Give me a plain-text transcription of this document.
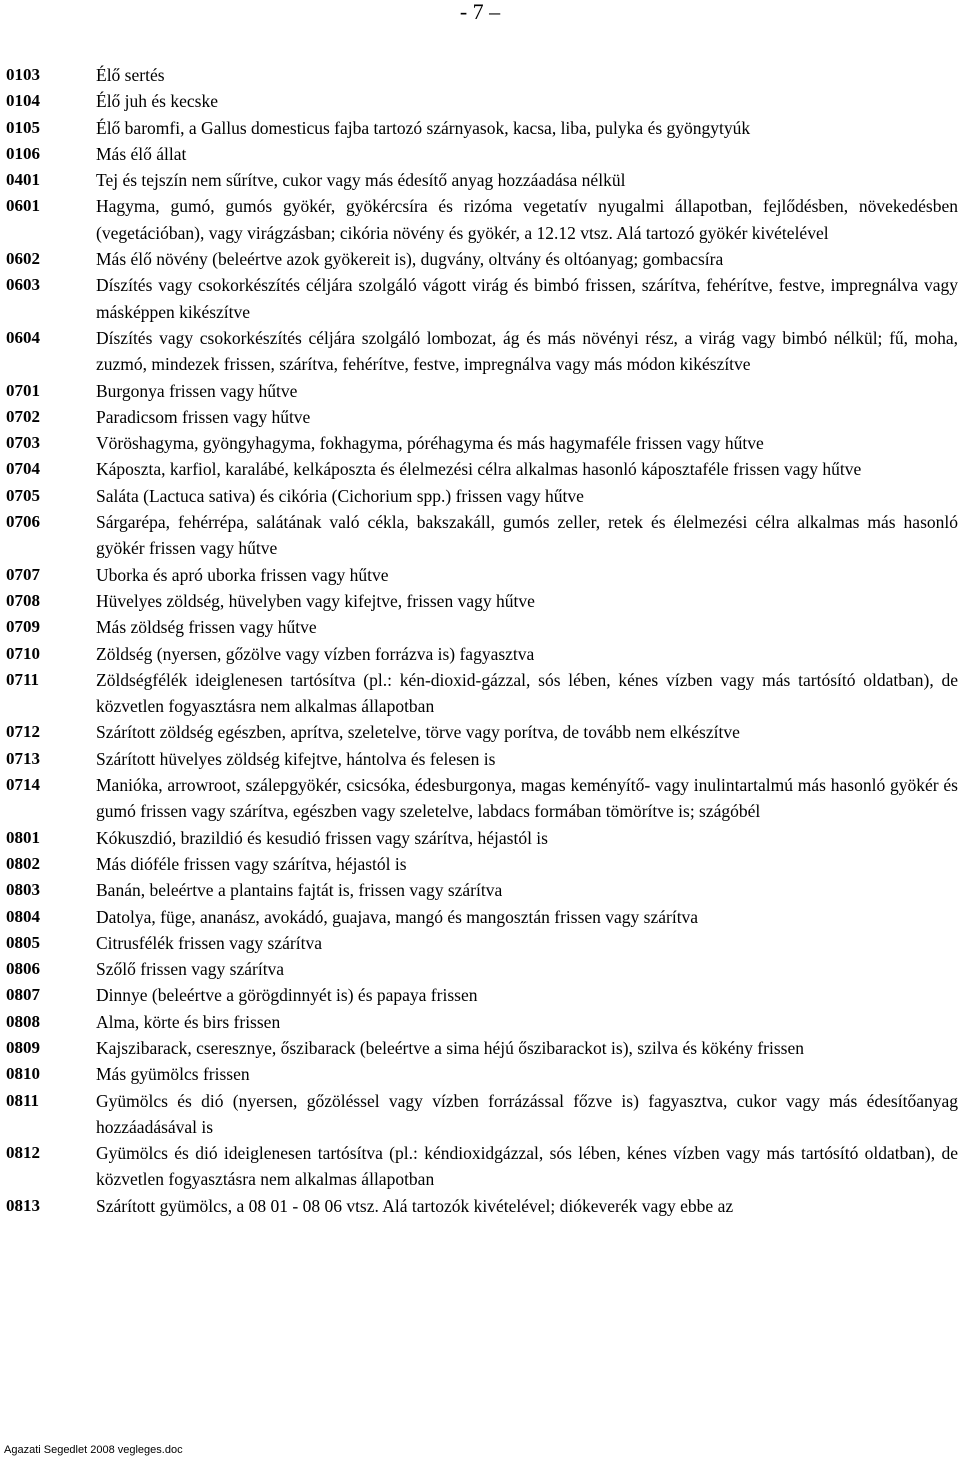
- 7 –
0103	Élő sertés
0104	Élő juh és kecske
0105	Élő baromfi, a Gallus domesticus fajba tartozó szárnyasok, kacsa, liba, pulyka és gyöngytyúk
0106	Más élő állat
0401	Tej és tejszín nem sűrítve, cukor vagy más édesítő anyag hozzáadása nélkül
0601	Hagyma, gumó, gumós gyökér, gyökércsíra és rizóma vegetatív nyugalmi állapotban, fejlődésben, növekedésben (vegetációban), vagy virágzásban; cikória növény és gyökér, a 12.12 vtsz. Alá tartozó gyökér kivételével
0602	Más élő növény (beleértve azok gyökereit is), dugvány, oltvány és oltóanyag; gombacsíra
0603	Díszítés vagy csokorkészítés céljára szolgáló vágott virág és bimbó frissen, szárítva, fehérítve, festve, impregnálva vagy másképpen kikészítve
0604	Díszítés vagy csokorkészítés céljára szolgáló lombozat, ág és más növényi rész, a virág vagy bimbó nélkül; fű, moha, zuzmó, mindezek frissen, szárítva, fehérítve, festve, impregnálva vagy más módon kikészítve
0701	Burgonya frissen vagy hűtve
0702	Paradicsom frissen vagy hűtve
0703	Vöröshagyma, gyöngyhagyma, fokhagyma, póréhagyma és más hagymaféle frissen vagy hűtve
0704	Káposzta, karfiol, karalábé, kelkáposzta és élelmezési célra alkalmas hasonló káposztaféle frissen vagy hűtve
0705	Saláta (Lactuca sativa) és cikória (Cichorium spp.) frissen vagy hűtve
0706	Sárgarépa, fehérrépa, salátának való cékla, bakszakáll, gumós zeller, retek és élelmezési célra alkalmas más hasonló gyökér frissen vagy hűtve
0707	Uborka és apró uborka frissen vagy hűtve
0708	Hüvelyes zöldség, hüvelyben vagy kifejtve, frissen vagy hűtve
0709	Más zöldség frissen vagy hűtve
0710	Zöldség (nyersen, gőzölve vagy vízben forrázva is) fagyasztva
0711	Zöldségfélék ideiglenesen tartósítva (pl.: kén-dioxid-gázzal, sós lében, kénes vízben vagy más tartósító oldatban), de közvetlen fogyasztásra nem alkalmas állapotban
0712	Szárított zöldség egészben, aprítva, szeletelve, törve vagy porítva, de tovább nem elkészítve
0713	Szárított hüvelyes zöldség kifejtve, hántolva és felesen is
0714	Manióka, arrowroot, szálepgyökér, csicsóka, édesburgonya, magas keményítő- vagy inulintartalmú más hasonló gyökér és gumó frissen vagy szárítva, egészben vagy szeletelve, labdacs formában tömörítve is; szágóbél
0801	Kókuszdió, brazildió és kesudió frissen vagy szárítva, héjastól is
0802	Más dióféle frissen vagy szárítva, héjastól is
0803	Banán, beleértve a plantains fajtát is, frissen vagy szárítva
0804	Datolya, füge, ananász, avokádó, guajava, mangó és mangosztán frissen vagy szárítva
0805	Citrusfélék frissen vagy szárítva
0806	Szőlő frissen vagy szárítva
0807	Dinnye (beleértve a görögdinnyét is) és papaya frissen
0808	Alma, körte és birs frissen
0809	Kajszibarack, cseresznye, őszibarack (beleértve a sima héjú őszibarackot is), szilva és kökény frissen
0810	Más gyümölcs frissen
0811	Gyümölcs és dió (nyersen, gőzöléssel vagy vízben forrázással főzve is) fagyasztva, cukor vagy más édesítőanyag hozzáadásával is
0812	Gyümölcs és dió ideiglenesen tartósítva (pl.: kéndioxidgázzal, sós lében, kénes vízben vagy más tartósító oldatban), de közvetlen fogyasztásra nem alkalmas állapotban
0813	Szárított gyümölcs, a 08 01 - 08 06 vtsz. Alá tartozók kivételével; diókeverék vagy ebbe az
Agazati Segedlet 2008 vegleges.doc
